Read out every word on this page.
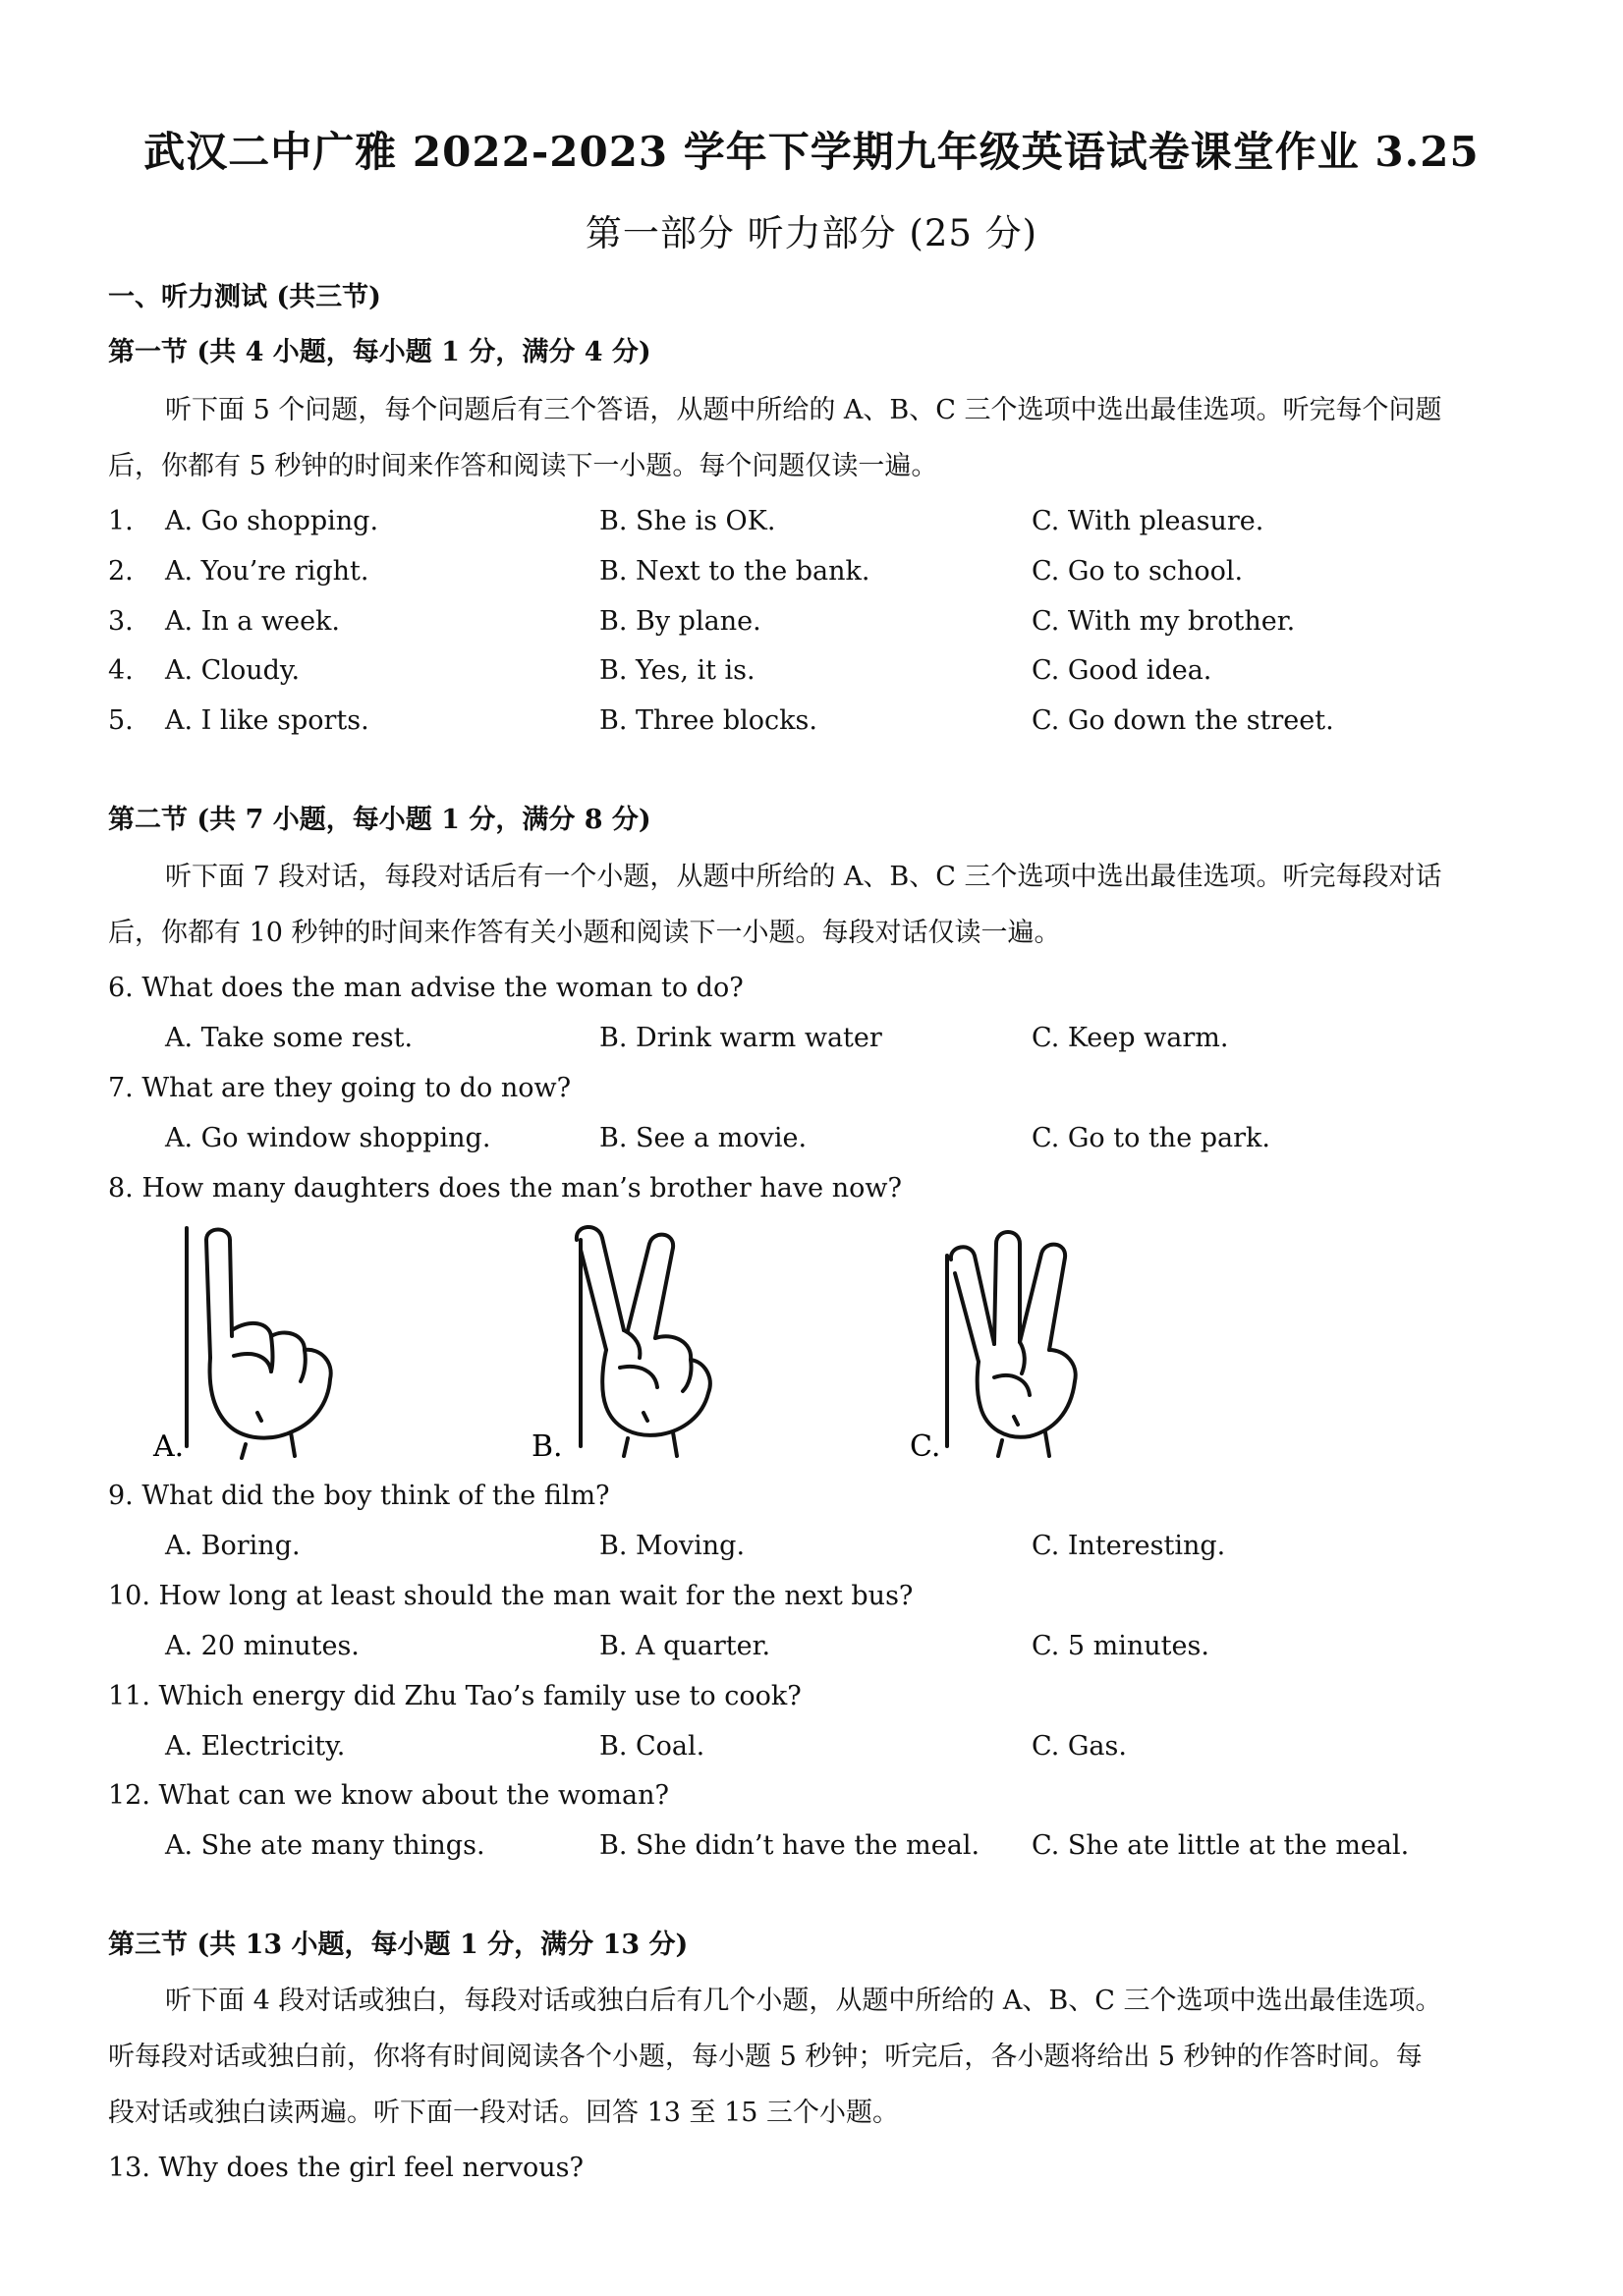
武汉二中广雅 2022-2023 学年下学期九年级英语试卷课堂作业 3.25
第一部分 听力部分 (25 分)
一、听力测试 (共三节)
第一节 (共 4 小题，每小题 1 分，满分 4 分)
听下面 5 个问题，每个问题后有三个答语，从题中所给的 A、B、C 三个选项中选出最佳选项。听完每个问题
后，你都有 5 秒钟的时间来作答和阅读下一小题。每个问题仅读一遍。
1. A. Go shopping.	B. She is OK.	C. With pleasure.
2. A. You’re right.	B. Next to the bank.	C. Go to school.
3. A. In a week.	B. By plane.	C. With my brother.
4. A. Cloudy.	B. Yes, it is.	C. Good idea.
5. A. I like sports.	B. Three blocks.	C. Go down the street.
第二节 (共 7 小题，每小题 1 分，满分 8 分)
听下面 7 段对话，每段对话后有一个小题，从题中所给的 A、B、C 三个选项中选出最佳选项。听完每段对话
后，你都有 10 秒钟的时间来作答有关小题和阅读下一小题。每段对话仅读一遍。
6. What does the man advise the woman to do?
A. Take some rest.	B. Drink warm water	C. Keep warm.
7. What are they going to do now?
A. Go window shopping.	B. See a movie.	C. Go to the park.
8. How many daughters does the man’s brother have now?
A.	B.	C.
9. What did the boy think of the film?
A. Boring.	B. Moving.	C. Interesting.
10. How long at least should the man wait for the next bus?
A. 20 minutes.	B. A quarter.	C. 5 minutes.
11. Which energy did Zhu Tao’s family use to cook?
A. Electricity.	B. Coal.	C. Gas.
12. What can we know about the woman?
A. She ate many things.	B. She didn’t have the meal. C. She ate little at the meal.
第三节 (共 13 小题，每小题 1 分，满分 13 分)
听下面 4 段对话或独白，每段对话或独白后有几个小题，从题中所给的 A、B、C 三个选项中选出最佳选项。
听每段对话或独白前，你将有时间阅读各个小题，每小题 5 秒钟；听完后，各小题将给出 5 秒钟的作答时间。每
段对话或独白读两遍。听下面一段对话。回答 13 至 15 三个小题。
13. Why does the girl feel nervous?
